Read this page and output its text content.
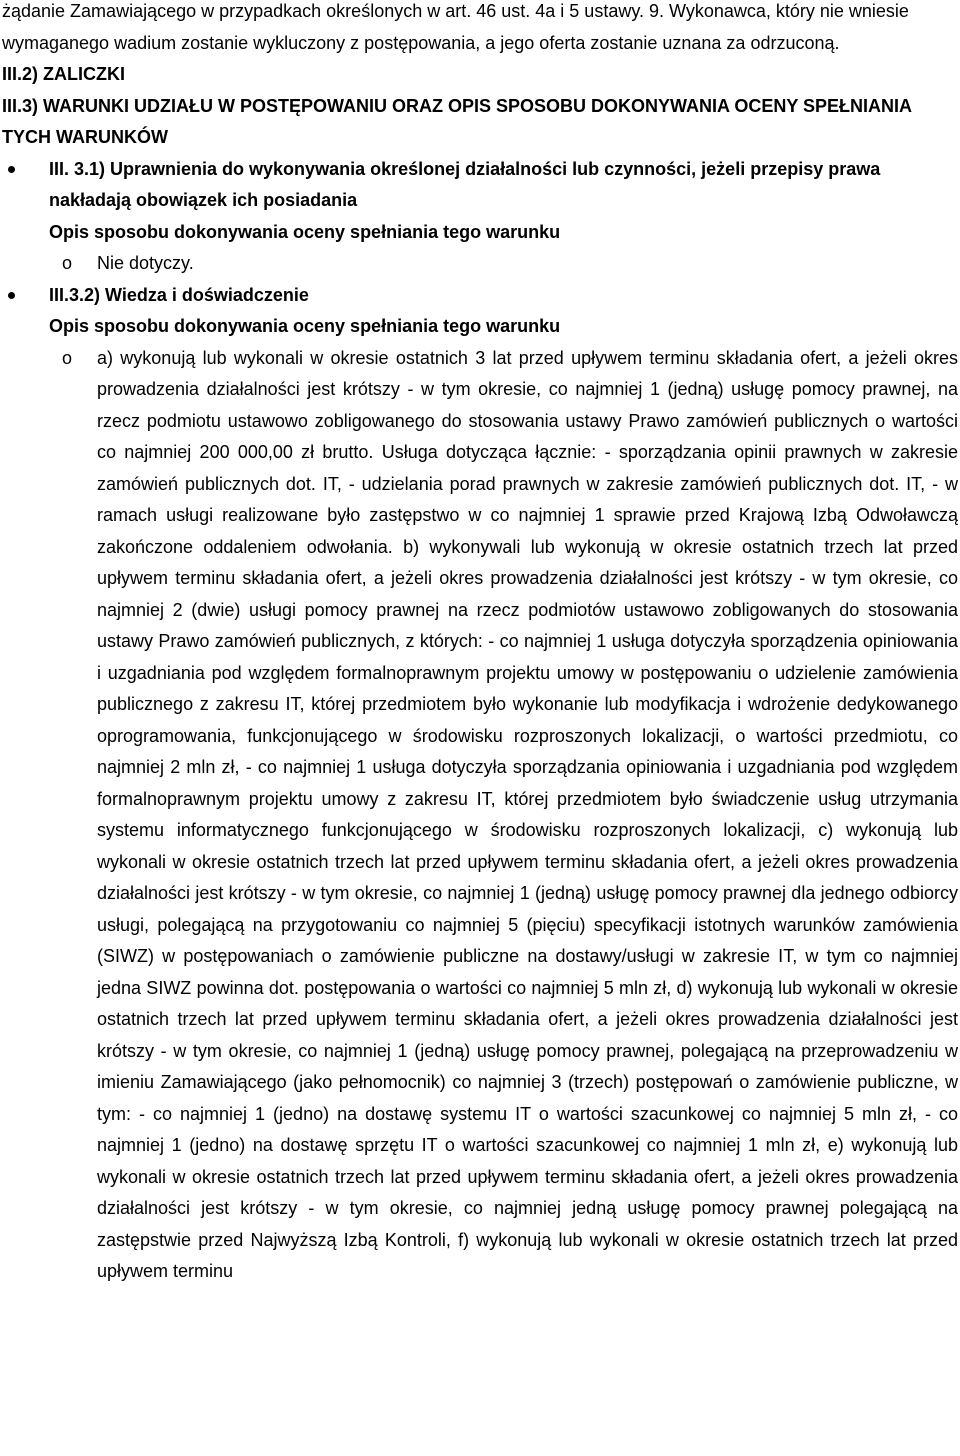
żądanie Zamawiającego w przypadkach określonych w art. 46 ust. 4a i 5 ustawy. 9. Wykonawca, który nie wniesie wymaganego wadium zostanie wykluczony z postępowania, a jego oferta zostanie uznana za odrzuconą.

III.2) ZALICZKI

III.3) WARUNKI UDZIAŁU W POSTĘPOWANIU ORAZ OPIS SPOSOBU DOKONYWANIA OCENY SPEŁNIANIA TYCH WARUNKÓW

III. 3.1) Uprawnienia do wykonywania określonej działalności lub czynności, jeżeli przepisy prawa nakładają obowiązek ich posiadania
Opis sposobu dokonywania oceny spełniania tego warunku
o Nie dotyczy.
III.3.2) Wiedza i doświadczenie
Opis sposobu dokonywania oceny spełniania tego warunku
o a) wykonują lub wykonali w okresie ostatnich 3 lat przed upływem terminu składania ofert, a jeżeli okres prowadzenia działalności jest krótszy - w tym okresie, co najmniej 1 (jedną) usługę pomocy prawnej, na rzecz podmiotu ustawowo zobligowanego do stosowania ustawy Prawo zamówień publicznych o wartości co najmniej 200 000,00 zł brutto. Usługa dotycząca łącznie: - sporządzania opinii prawnych w zakresie zamówień publicznych dot. IT, - udzielania porad prawnych w zakresie zamówień publicznych dot. IT, - w ramach usługi realizowane było zastępstwo w co najmniej 1 sprawie przed Krajową Izbą Odwoławczą zakończone oddaleniem odwołania. b) wykonywali lub wykonują w okresie ostatnich trzech lat przed upływem terminu składania ofert, a jeżeli okres prowadzenia działalności jest krótszy - w tym okresie, co najmniej 2 (dwie) usługi pomocy prawnej na rzecz podmiotów ustawowo zobligowanych do stosowania ustawy Prawo zamówień publicznych, z których: - co najmniej 1 usługa dotyczyła sporządzenia opiniowania i uzgadniania pod względem formalnoprawnym projektu umowy w postępowaniu o udzielenie zamówienia publicznego z zakresu IT, której przedmiotem było wykonanie lub modyfikacja i wdrożenie dedykowanego oprogramowania, funkcjonującego w środowisku rozproszonych lokalizacji, o wartości przedmiotu, co najmniej 2 mln zł, - co najmniej 1 usługa dotyczyła sporządzania opiniowania i uzgadniania pod względem formalnoprawnym projektu umowy z zakresu IT, której przedmiotem było świadczenie usług utrzymania systemu informatycznego funkcjonującego w środowisku rozproszonych lokalizacji, c) wykonują lub wykonali w okresie ostatnich trzech lat przed upływem terminu składania ofert, a jeżeli okres prowadzenia działalności jest krótszy - w tym okresie, co najmniej 1 (jedną) usługę pomocy prawnej dla jednego odbiorcy usługi, polegającą na przygotowaniu co najmniej 5 (pięciu) specyfikacji istotnych warunków zamówienia (SIWZ) w postępowaniach o zamówienie publiczne na dostawy/usługi w zakresie IT, w tym co najmniej jedna SIWZ powinna dot. postępowania o wartości co najmniej 5 mln zł, d) wykonują lub wykonali w okresie ostatnich trzech lat przed upływem terminu składania ofert, a jeżeli okres prowadzenia działalności jest krótszy - w tym okresie, co najmniej 1 (jedną) usługę pomocy prawnej, polegającą na przeprowadzeniu w imieniu Zamawiającego (jako pełnomocnik) co najmniej 3 (trzech) postępowań o zamówienie publiczne, w tym: - co najmniej 1 (jedno) na dostawę systemu IT o wartości szacunkowej co najmniej 5 mln zł, - co najmniej 1 (jedno) na dostawę sprzętu IT o wartości szacunkowej co najmniej 1 mln zł, e) wykonują lub wykonali w okresie ostatnich trzech lat przed upływem terminu składania ofert, a jeżeli okres prowadzenia działalności jest krótszy - w tym okresie, co najmniej jedną usługę pomocy prawnej polegającą na zastępstwie przed Najwyższą Izbą Kontroli, f) wykonują lub wykonali w okresie ostatnich trzech lat przed upływem terminu
